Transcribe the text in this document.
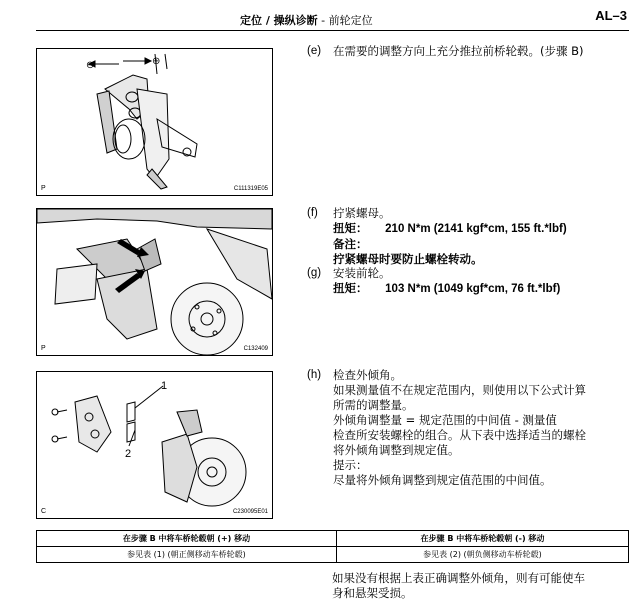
定位 / 操纵诊断 - 前轮定位	AL–3
⊖	⊕
P	C111319E05
P	C132409
1
2
C	C230095E01
(e) 在需要的调整方向上充分推拉前桥轮毂。(步骤 B)
(f) 拧紧螺母。
扭矩： 210 N*m (2141 kgf*cm, 155 ft.*lbf)
备注：
拧紧螺母时要防止螺栓转动。
(g) 安装前轮。
扭矩： 103 N*m (1049 kgf*cm, 76 ft.*lbf)
(h) 检查外倾角。
如果测量值不在规定范围内，则使用以下公式计算
所需的调整量。
外倾角调整量 = 规定范围的中间值 - 测量值
检查所安装螺栓的组合。从下表中选择适当的螺栓
将外倾角调整到规定值。
提示：
尽量将外倾角调整到规定值范围的中间值。
在步骤 B 中将车桥轮毂朝 (+) 移动	在步骤 B 中将车桥轮毂朝 (-) 移动
参见表 (1) (朝正侧移动车桥轮毂)	参见表 (2) (朝负侧移动车桥轮毂)
如果没有根据上表正确调整外倾角，则有可能使车
身和悬架受损。
